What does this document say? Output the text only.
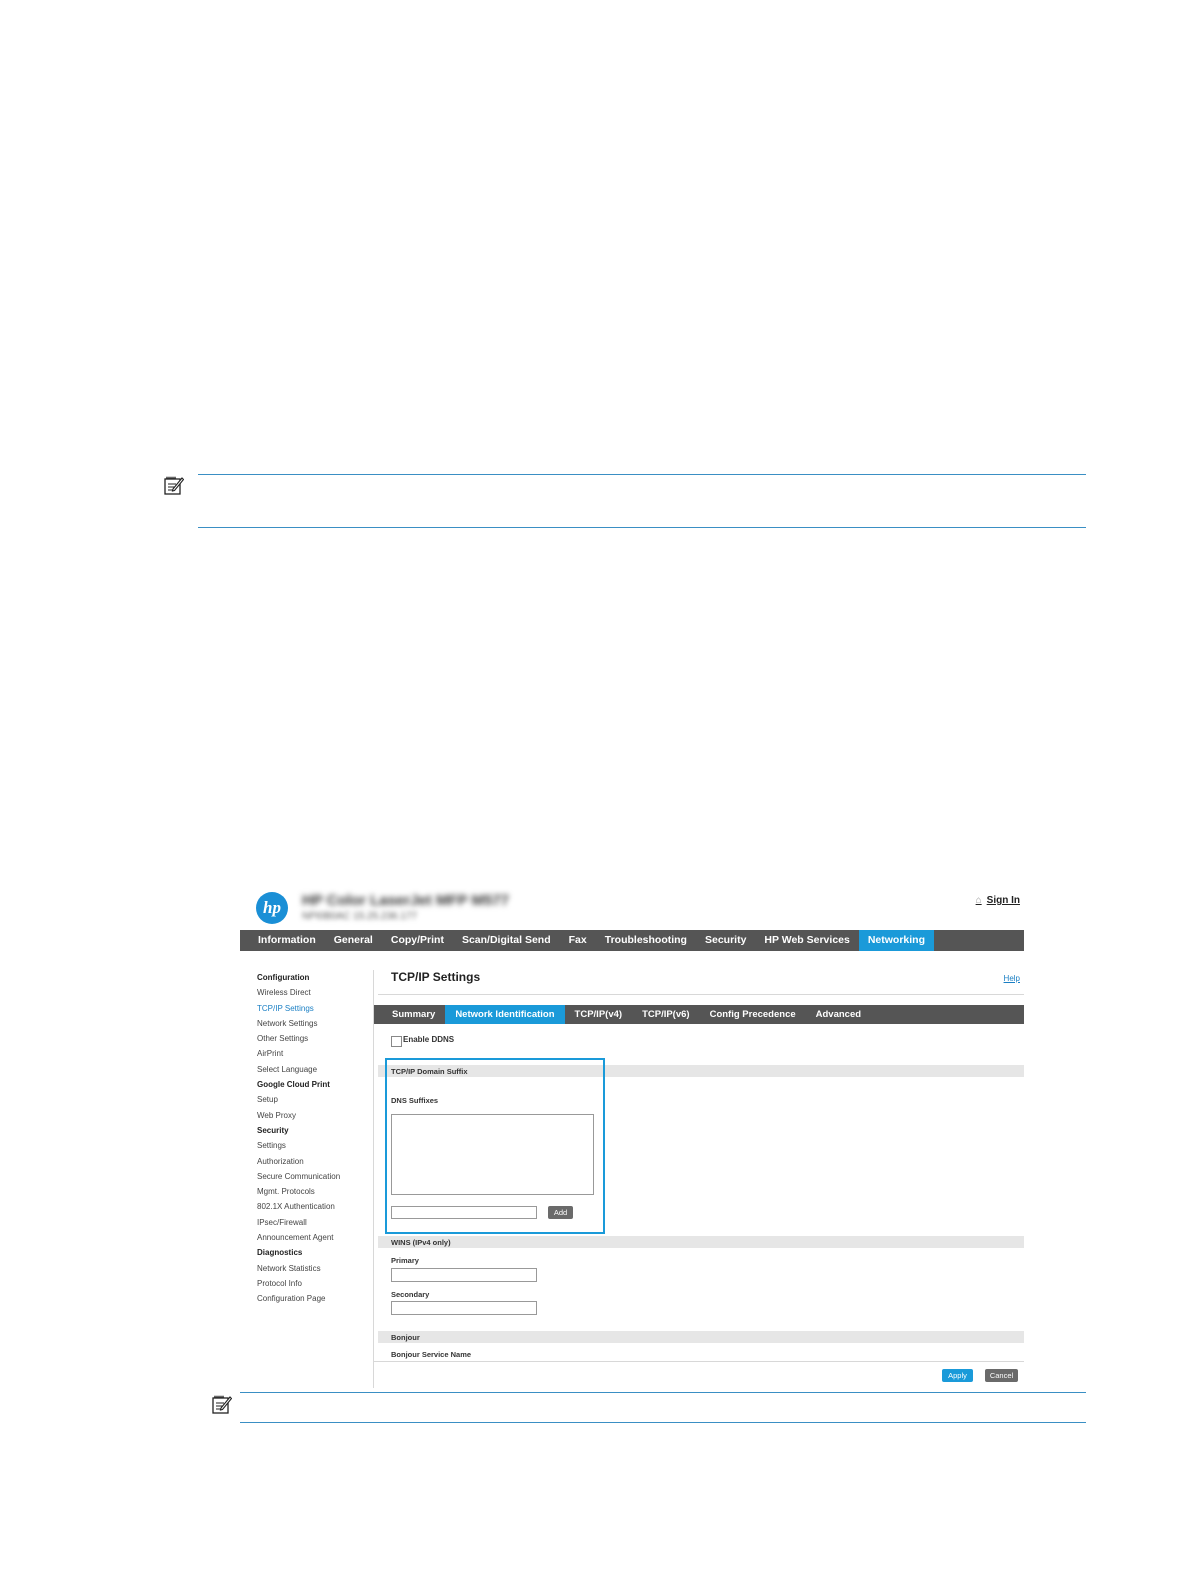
hp	HP Color LaserJet MFP M577
NPI0B0AC 15.25.236.177
⌂ Sign In
Information	General	Copy/Print	Scan/Digital Send	Fax	Troubleshooting	Security	HP Web Services	Networking
Configuration
Wireless Direct
TCP/IP Settings
Network Settings
Other Settings
AirPrint
Select Language
Google Cloud Print
Setup
Web Proxy
Security
Settings
Authorization
Secure Communication
Mgmt. Protocols
802.1X Authentication
IPsec/Firewall
Announcement Agent
Diagnostics
Network Statistics
Protocol Info
Configuration Page
TCP/IP Settings	Help
Summary	Network Identification	TCP/IP(v4)	TCP/IP(v6)	Config Precedence	Advanced
Enable DDNS
TCP/IP Domain Suffix
DNS Suffixes
Add
WINS (IPv4 only)
Primary
Secondary
Bonjour
Bonjour Service Name
Apply	Cancel
